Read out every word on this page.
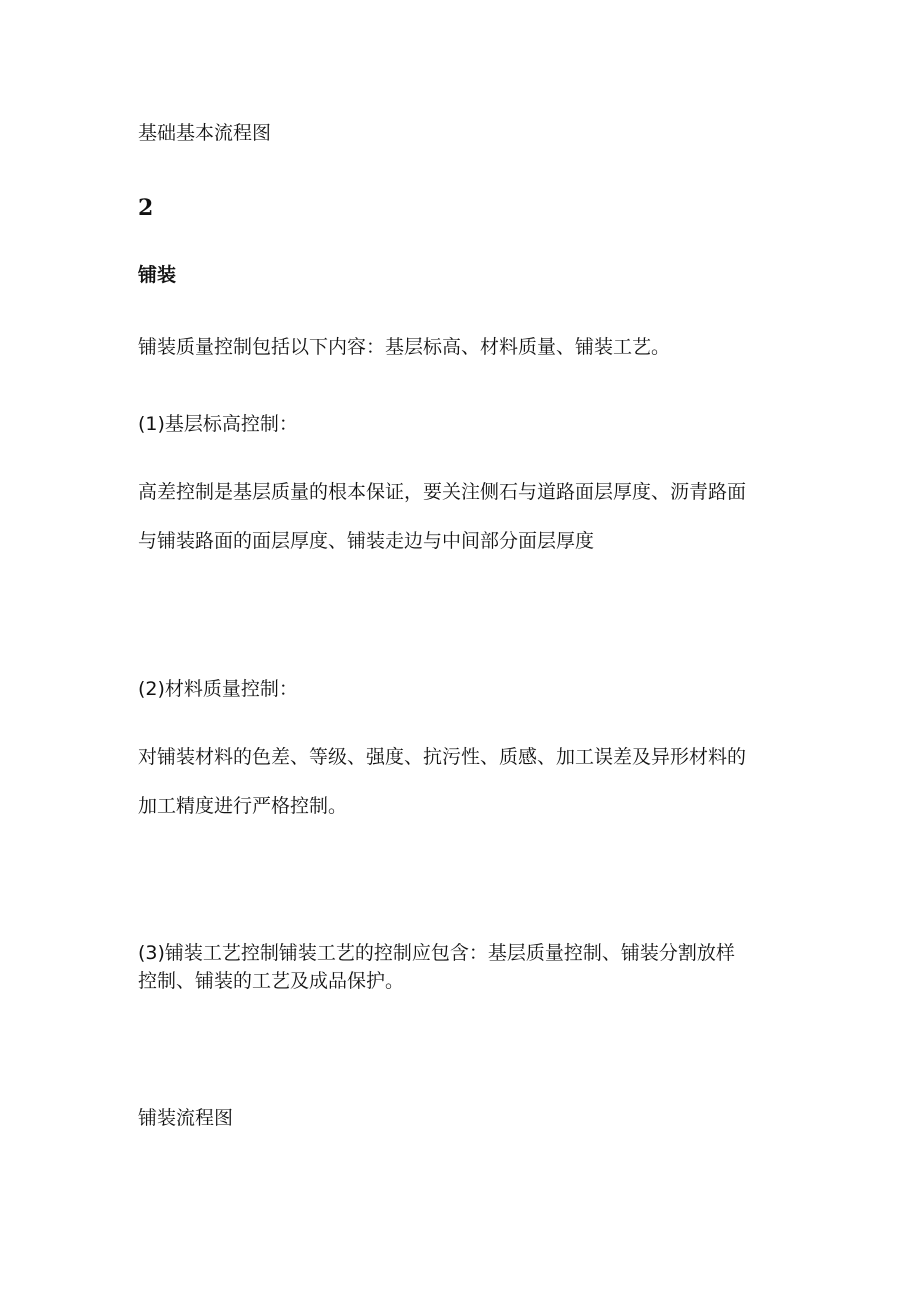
基础基本流程图
2
铺装
铺装质量控制包括以下内容：基层标高、材料质量、铺装工艺。
(1)基层标高控制：
高差控制是基层质量的根本保证，要关注侧石与道路面层厚度、沥青路面
与铺装路面的面层厚度、铺装走边与中间部分面层厚度
(2)材料质量控制：
对铺装材料的色差、等级、强度、抗污性、质感、加工误差及异形材料的
加工精度进行严格控制。
(3)铺装工艺控制铺装工艺的控制应包含：基层质量控制、铺装分割放样
控制、铺装的工艺及成品保护。
铺装流程图
